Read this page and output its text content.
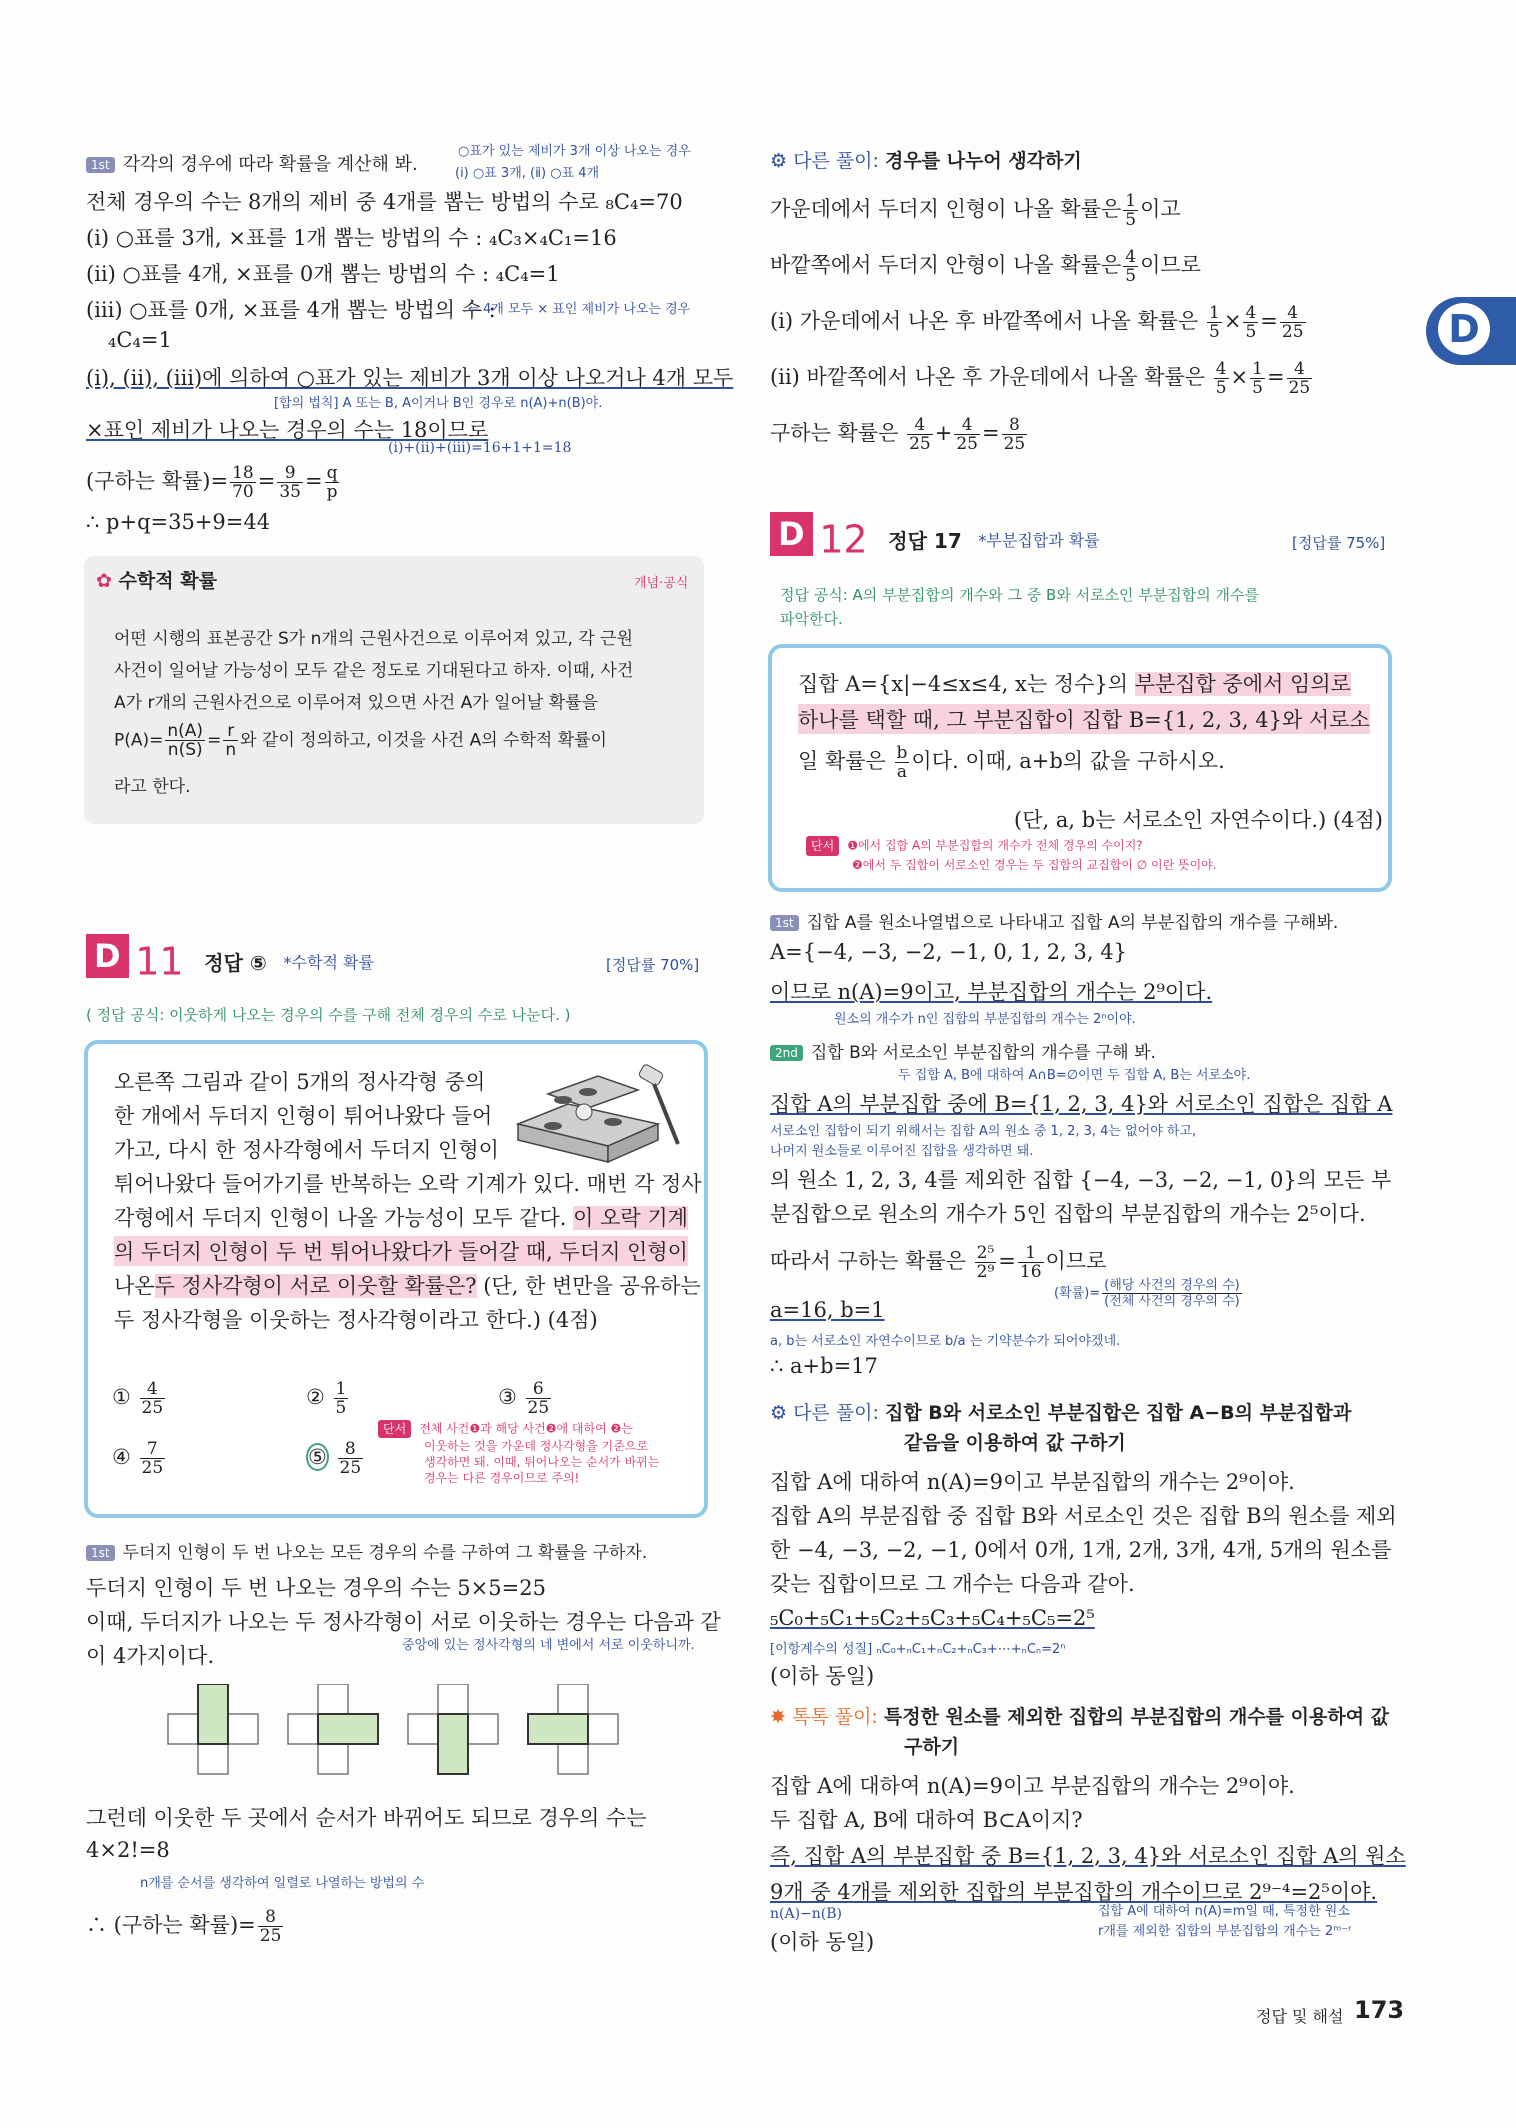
D
1st 각각의 경우에 따라 확률을 계산해 봐.
○표가 있는 제비가 3개 이상 나오는 경우
(ⅰ) ○표 3개, (ⅱ) ○표 4개
전체 경우의 수는 8개의 제비 중 4개를 뽑는 방법의 수로 ₈C₄=70
(ⅰ) ○표를 3개, ×표를 1개 뽑는 방법의 수 : ₄C₃×₄C₁=16
(ⅱ) ○표를 4개, ×표를 0개 뽑는 방법의 수 : ₄C₄=1
(ⅲ) ○표를 0개, ×표를 4개 뽑는 방법의 수 :
⇐ 4개 모두 × 표인 제비가 나오는 경우
₄C₄=1
(ⅰ), (ⅱ), (ⅲ)에 의하여 ○표가 있는 제비가 3개 이상 나오거나 4개 모두
[합의 법칙] A 또는 B, A이거나 B인 경우로 n(A)+n(B)야.
×표인 제비가 나오는 경우의 수는 18이므로
(ⅰ)+(ⅱ)+(ⅲ)=16+1+1=18
(구하는 확률)= $\frac{18}{70} = \frac{9}{35} = \frac{q}{p}$
∴ p+q=35+9=44
✿ 수학적 확률	개념·공식
어떤 시행의 표본공간 S가 n개의 근원사건으로 이루어져 있고, 각 근원
사건이 일어날 가능성이 모두 같은 정도로 기대된다고 하자. 이때, 사건
A가 r개의 근원사건으로 이루어져 있으면 사건 A가 일어날 확률을
$P(A)= \frac{n(A)}{n(S)} = \frac{r}{n}$ 와 같이 정의하고, 이것을 사건 A의 수학적 확률이
라고 한다.
D 11 정답 ⑤ *수학적 확률	[정답률 70%]
( 정답 공식: 이웃하게 나오는 경우의 수를 구해 전체 경우의 수로 나눈다. )
오른쪽 그림과 같이 5개의 정사각형 중의
한 개에서 두더지 인형이 튀어나왔다 들어
가고, 다시 한 정사각형에서 두더지 인형이
튀어나왔다 들어가기를 반복하는 오락 기계가 있다. 매번 각 정사
각형에서 두더지 인형이 나올 가능성이 모두 같다. 이 오락 기계
의 두더지 인형이 두 번 튀어나왔다가 들어갈 때, 두더지 인형이
나온두 정사각형이 서로 이웃할 확률은? (단, 한 변만을 공유하는
두 정사각형을 이웃하는 정사각형이라고 한다.) (4점)
① $\frac{4}{25}$	② $\frac{1}{5}$	③ $\frac{6}{25}$
④ $\frac{7}{25}$	⑤ $\frac{8}{25}$
단서 전체 사건❶과 해당 사건❷에 대하여 ❷는
이웃하는 것을 가운데 정사각형을 기준으로
생각하면 돼. 이때, 튀어나오는 순서가 바뀌는
경우는 다른 경우이므로 주의!
1st 두더지 인형이 두 번 나오는 모든 경우의 수를 구하여 그 확률을 구하자.
두더지 인형이 두 번 나오는 경우의 수는 5×5=25
이때, 두더지가 나오는 두 정사각형이 서로 이웃하는 경우는 다음과 같
이 4가지이다.	중앙에 있는 정사각형의 네 변에서 서로 이웃하니까.
그런데 이웃한 두 곳에서 순서가 바뀌어도 되므로 경우의 수는
4×2!=8
n개를 순서를 생각하여 일렬로 나열하는 방법의 수
∴ (구하는 확률)= $\frac{8}{25}$
⚙ 다른 풀이: 경우를 나누어 생각하기
가운데에서 두더지 인형이 나올 확률은 $\frac{1}{5}$ 이고
바깥쪽에서 두더지 안형이 나올 확률은 $\frac{4}{5}$ 이므로
(ⅰ) 가운데에서 나온 후 바깥쪽에서 나올 확률은 $\frac{1}{5} \times \frac{4}{5} = \frac{4}{25}$
(ⅱ) 바깥쪽에서 나온 후 가운데에서 나올 확률은 $\frac{4}{5} \times \frac{1}{5} = \frac{4}{25}$
구하는 확률은 $\frac{4}{25} + \frac{4}{25} = \frac{8}{25}$
D 12 정답 17 *부분집합과 확률	[정답률 75%]
정답 공식: A의 부분집합의 개수와 그 중 B와 서로소인 부분집합의 개수를
파악한다.
집합 A={x|−4≤x≤4, x는 정수}의 부분집합 중에서 임의로
하나를 택할 때, 그 부분집합이 집합 B={1, 2, 3, 4}와 서로소
일 확률은 $\frac{b}{a}$ 이다. 이때, a+b의 값을 구하시오.
(단, a, b는 서로소인 자연수이다.) (4점)
단서 ❶에서 집합 A의 부분집합의 개수가 전체 경우의 수이지?
❷에서 두 집합이 서로소인 경우는 두 집합의 교집합이 ∅ 이란 뜻이야.
1st 집합 A를 원소나열법으로 나타내고 집합 A의 부분집합의 개수를 구해봐.
A={−4, −3, −2, −1, 0, 1, 2, 3, 4}
이므로 n(A)=9이고, 부분집합의 개수는 2⁹이다.
원소의 개수가 n인 집합의 부분집합의 개수는 2ⁿ이야.
2nd 집합 B와 서로소인 부분집합의 개수를 구해 봐.
두 집합 A, B에 대하여 A∩B=∅이면 두 집합 A, B는 서로소야.
집합 A의 부분집합 중에 B={1, 2, 3, 4}와 서로소인 집합은 집합 A
서로소인 집합이 되기 위해서는 집합 A의 원소 중 1, 2, 3, 4는 없어야 하고,
나머지 원소들로 이루어진 집합을 생각하면 돼.
의 원소 1, 2, 3, 4를 제외한 집합 {−4, −3, −2, −1, 0}의 모든 부
분집합으로 원소의 개수가 5인 집합의 부분집합의 개수는 2⁵이다.
따라서 구하는 확률은 $\frac{\text{2⁵}}{\text{2⁹}} = \frac{1}{16}$ 이므로
(확률)= $\frac{\text{(해당 사건의 경우의 수)}}{\text{(전체 사건의 경우의 수)}}$
a=16, b=1
a, b는 서로소인 자연수이므로 b/a 는 기약분수가 되어야겠네.
∴ a+b=17
⚙ 다른 풀이: 집합 B와 서로소인 부분집합은 집합 A−B의 부분집합과
같음을 이용하여 값 구하기
집합 A에 대하여 n(A)=9이고 부분집합의 개수는 2⁹이야.
집합 A의 부분집합 중 집합 B와 서로소인 것은 집합 B의 원소를 제외
한 −4, −3, −2, −1, 0에서 0개, 1개, 2개, 3개, 4개, 5개의 원소를
갖는 집합이므로 그 개수는 다음과 같아.
₅C₀+₅C₁+₅C₂+₅C₃+₅C₄+₅C₅=2⁵
[이항계수의 성질] ₙC₀+ₙC₁+ₙC₂+ₙC₃+⋯+ₙCₙ=2ⁿ
(이하 동일)
✸ 톡톡 풀이: 특정한 원소를 제외한 집합의 부분집합의 개수를 이용하여 값
구하기
집합 A에 대하여 n(A)=9이고 부분집합의 개수는 2⁹이야.
두 집합 A, B에 대하여 B⊂A이지?
즉, 집합 A의 부분집합 중 B={1, 2, 3, 4}와 서로소인 집합 A의 원소
9개 중 4개를 제외한 집합의 부분집합의 개수이므로 2⁹⁻⁴=2⁵이야.
n(A)−n(B)	집합 A에 대하여 n(A)=m일 때, 특정한 원소
r개를 제외한 집합의 부분집합의 개수는 2ᵐ⁻ʳ
(이하 동일)
정답 및 해설 173
